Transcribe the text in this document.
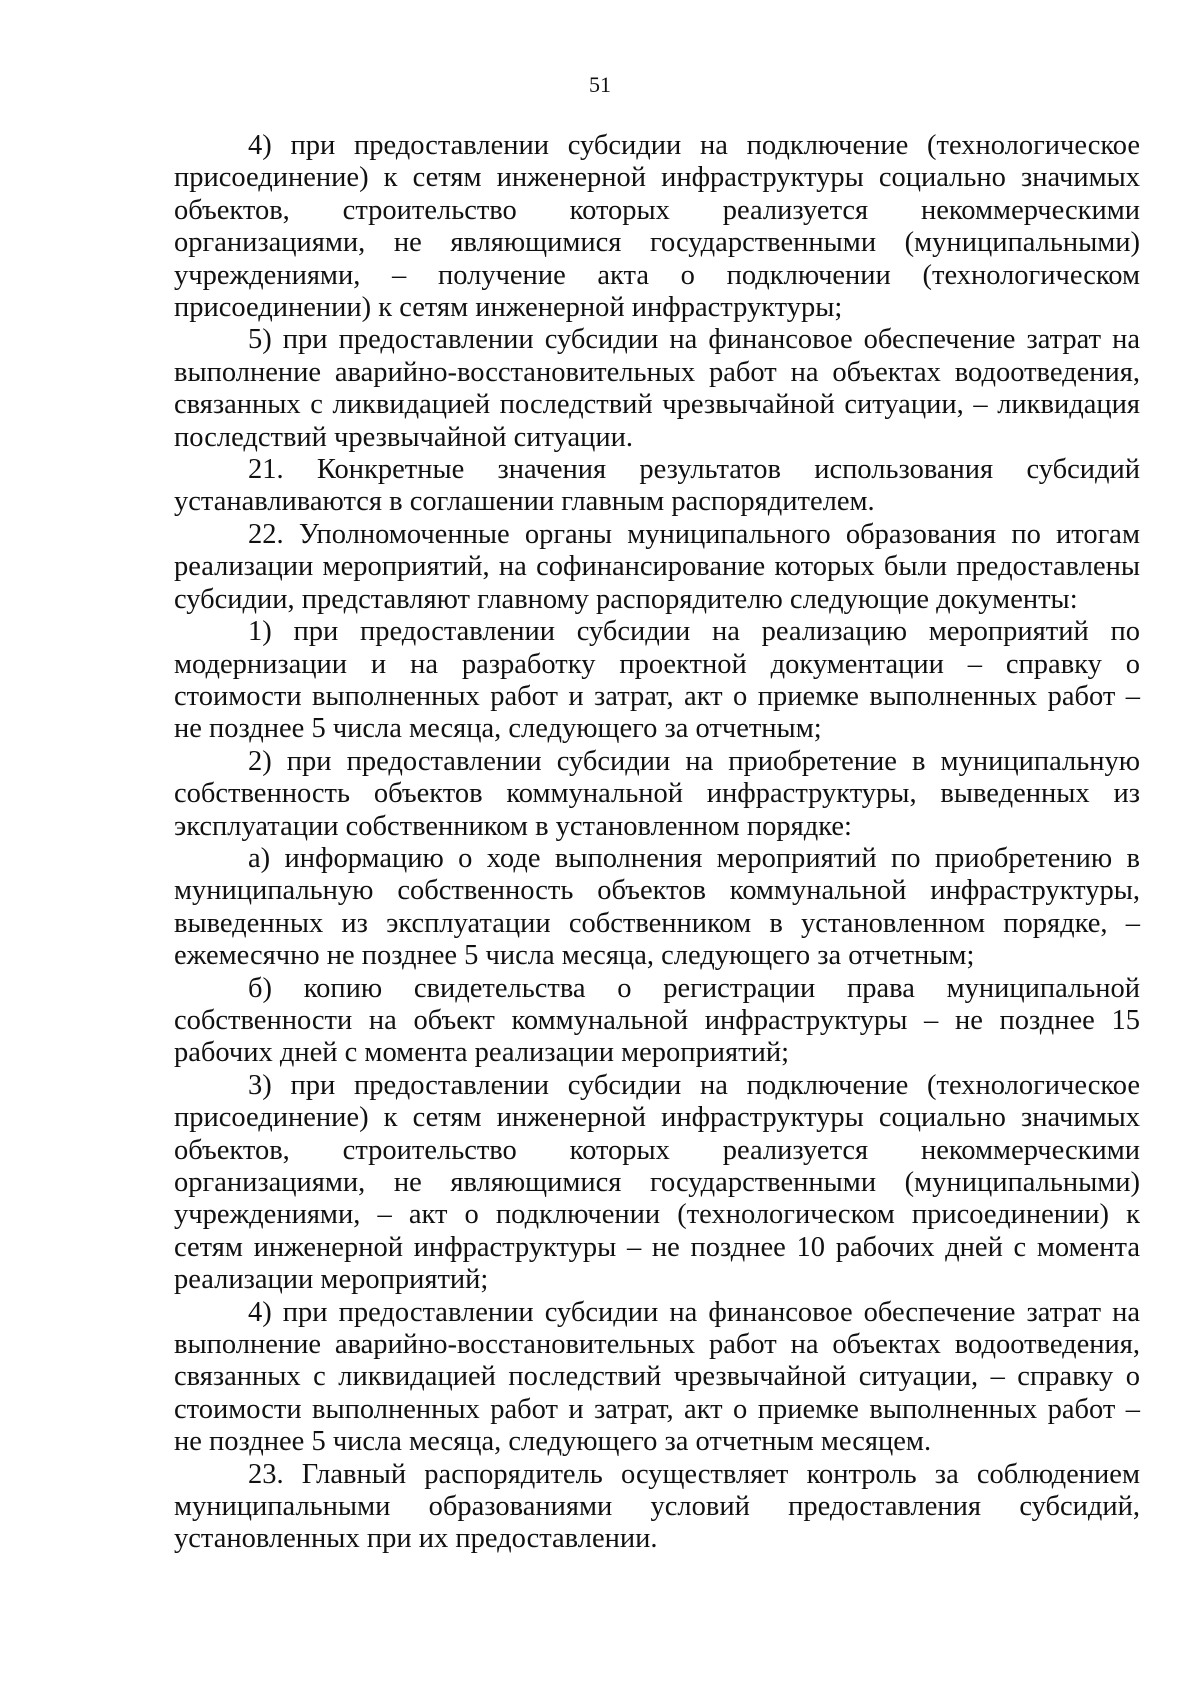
51

4) при предоставлении субсидии на подключение (технологическое присоединение) к сетям инженерной инфраструктуры социально значимых объектов, строительство которых реализуется некоммерческими организациями, не являющимися государственными (муниципальными) учреждениями, – получение акта о подключении (технологическом присоединении) к сетям инженерной инфраструктуры;

5) при предоставлении субсидии на финансовое обеспечение затрат на выполнение аварийно-восстановительных работ на объектах водоотведения, связанных с ликвидацией последствий чрезвычайной ситуации, – ликвидация последствий чрезвычайной ситуации.

21. Конкретные значения результатов использования субсидий устанавливаются в соглашении главным распорядителем.

22. Уполномоченные органы муниципального образования по итогам реализации мероприятий, на софинансирование которых были предоставлены субсидии, представляют главному распорядителю следующие документы:

1) при предоставлении субсидии на реализацию мероприятий по модернизации и на разработку проектной документации – справку о стоимости выполненных работ и затрат, акт о приемке выполненных работ – не позднее 5 числа месяца, следующего за отчетным;

2) при предоставлении субсидии на приобретение в муниципальную собственность объектов коммунальной инфраструктуры, выведенных из эксплуатации собственником в установленном порядке:

а) информацию о ходе выполнения мероприятий по приобретению в муниципальную собственность объектов коммунальной инфраструктуры, выведенных из эксплуатации собственником в установленном порядке, – ежемесячно не позднее 5 числа месяца, следующего за отчетным;

б) копию свидетельства о регистрации права муниципальной собственности на объект коммунальной инфраструктуры – не позднее 15 рабочих дней с момента реализации мероприятий;

3) при предоставлении субсидии на подключение (технологическое присоединение) к сетям инженерной инфраструктуры социально значимых объектов, строительство которых реализуется некоммерческими организациями, не являющимися государственными (муниципальными) учреждениями, – акт о подключении (технологическом присоединении) к сетям инженерной инфраструктуры – не позднее 10 рабочих дней с момента реализации мероприятий;

4) при предоставлении субсидии на финансовое обеспечение затрат на выполнение аварийно-восстановительных работ на объектах водоотведения, связанных с ликвидацией последствий чрезвычайной ситуации, – справку о стоимости выполненных работ и затрат, акт о приемке выполненных работ – не позднее 5 числа месяца, следующего за отчетным месяцем.

23. Главный распорядитель осуществляет контроль за соблюдением муниципальными образованиями условий предоставления субсидий, установленных при их предоставлении.
